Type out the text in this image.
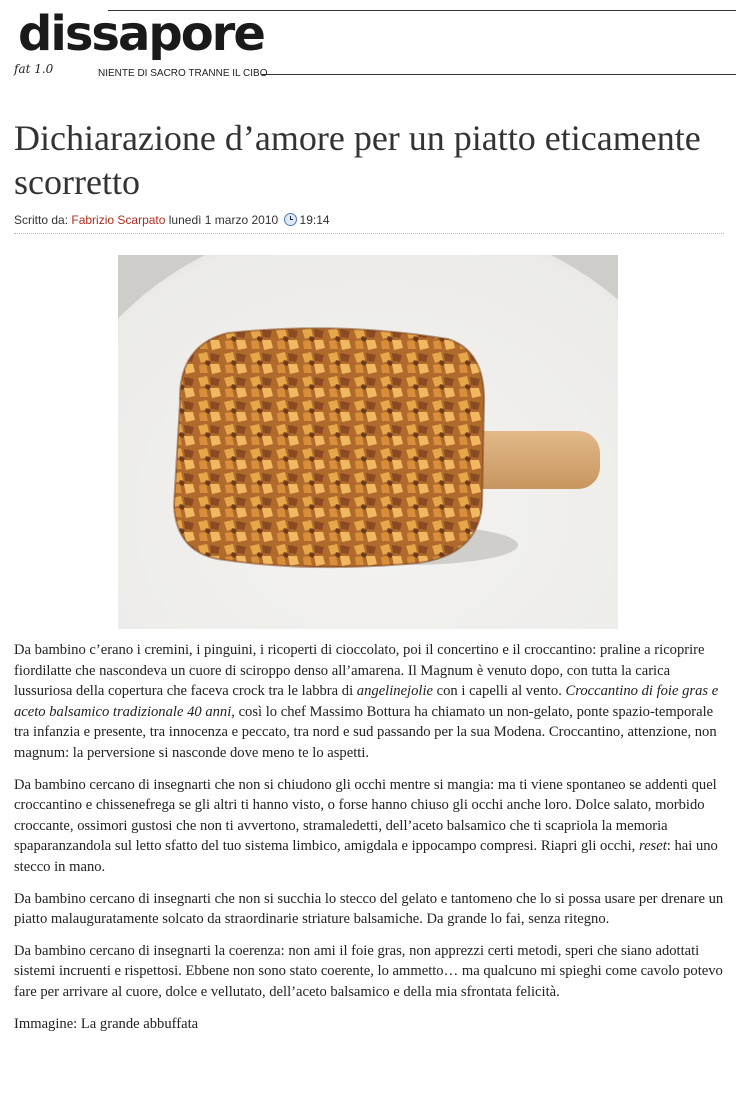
dissapore
fat 1.0	NIENTE DI SACRO TRANNE IL CIBO
Dichiarazione d’amore per un piatto eticamente scorretto
Scritto da: Fabrizio Scarpato lunedì 1 marzo 2010 19:14

Da bambino c’erano i cremini, i pinguini, i ricoperti di cioccolato, poi il concertino e il croccantino: praline a ricoprire fiordilatte che nascondeva un cuore di sciroppo denso all’amarena. Il Magnum è venuto dopo, con tutta la carica lussuriosa della copertura che faceva crock tra le labbra di angelinejolie con i capelli al vento. Croccantino di foie gras e aceto balsamico tradizionale 40 anni, così lo chef Massimo Bottura ha chiamato un non-gelato, ponte spazio-temporale tra infanzia e presente, tra innocenza e peccato, tra nord e sud passando per la sua Modena. Croccantino, attenzione, non magnum: la perversione si nasconde dove meno te lo aspetti.

Da bambino cercano di insegnarti che non si chiudono gli occhi mentre si mangia: ma ti viene spontaneo se addenti quel croccantino e chissenefrega se gli altri ti hanno visto, o forse hanno chiuso gli occhi anche loro. Dolce salato, morbido croccante, ossimori gustosi che non ti avvertono, stramaledetti, dell’aceto balsamico che ti scapriola la memoria spaparanzandola sul letto sfatto del tuo sistema limbico, amigdala e ippocampo compresi. Riapri gli occhi, reset: hai uno stecco in mano.

Da bambino cercano di insegnarti che non si succhia lo stecco del gelato e tantomeno che lo si possa usare per drenare un piatto malauguratamente solcato da straordinarie striature balsamiche. Da grande lo fai, senza ritegno.

Da bambino cercano di insegnarti la coerenza: non ami il foie gras, non apprezzi certi metodi, speri che siano adottati sistemi incruenti e rispettosi. Ebbene non sono stato coerente, lo ammetto… ma qualcuno mi spieghi come cavolo potevo fare per arrivare al cuore, dolce e vellutato, dell’aceto balsamico e della mia sfrontata felicità.

Immagine: La grande abbuffata
